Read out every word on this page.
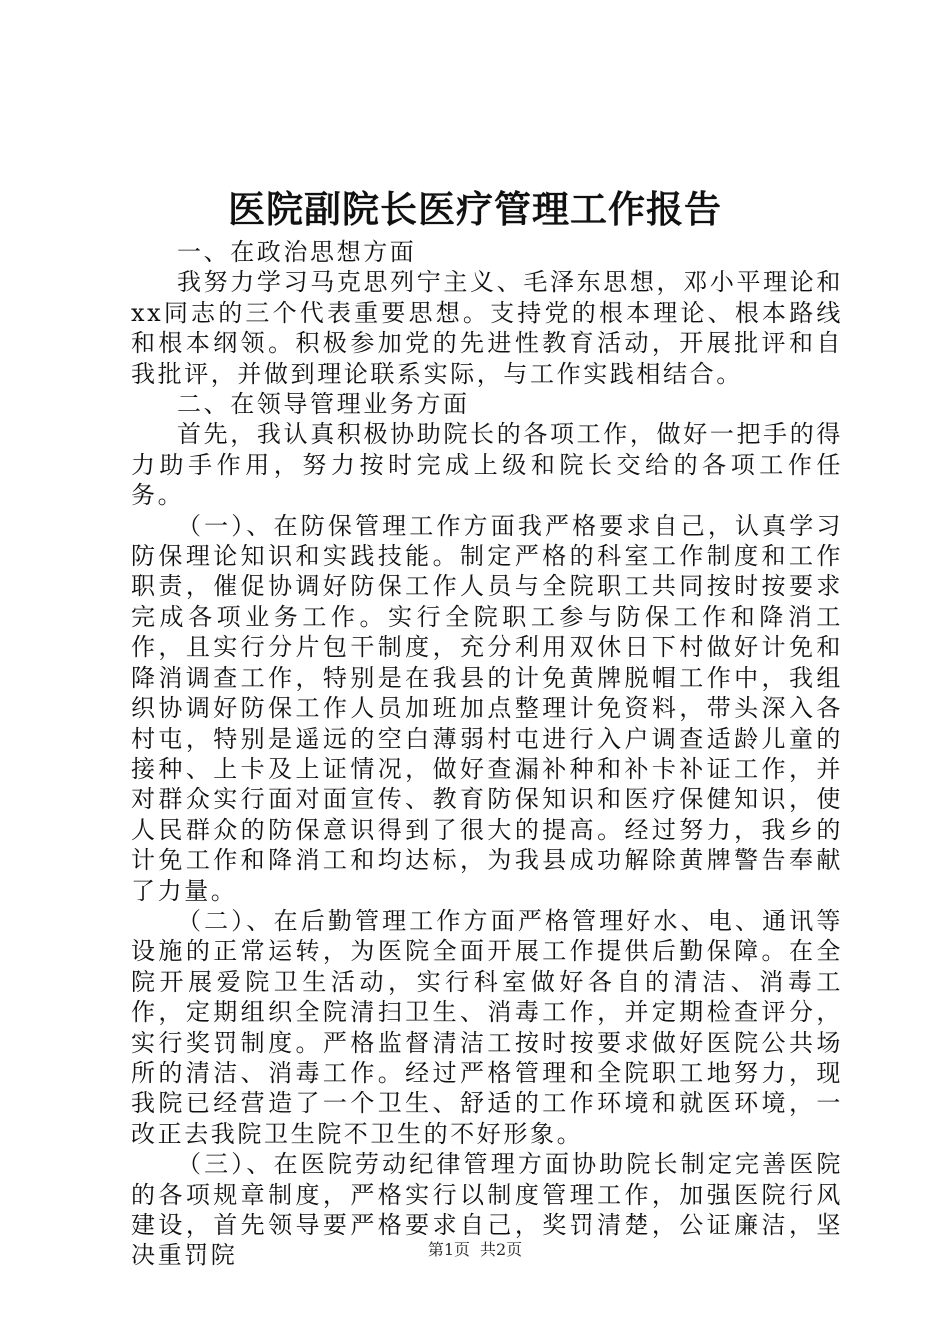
医院副院长医疗管理工作报告

一、在政治思想方面

我努力学习马克思列宁主义、毛泽东思想，邓小平理论和xx同志的三个代表重要思想。支持党的根本理论、根本路线和根本纲领。积极参加党的先进性教育活动，开展批评和自我批评，并做到理论联系实际，与工作实践相结合。

二、在领导管理业务方面

首先，我认真积极协助院长的各项工作，做好一把手的得力助手作用，努力按时完成上级和院长交给的各项工作任务。

（一）、在防保管理工作方面我严格要求自己，认真学习防保理论知识和实践技能。制定严格的科室工作制度和工作职责，催促协调好防保工作人员与全院职工共同按时按要求完成各项业务工作。实行全院职工参与防保工作和降消工作，且实行分片包干制度，充分利用双休日下村做好计免和降消调查工作，特别是在我县的计免黄牌脱帽工作中，我组织协调好防保工作人员加班加点整理计免资料，带头深入各村屯，特别是遥远的空白薄弱村屯进行入户调查适龄儿童的接种、上卡及上证情况，做好查漏补种和补卡补证工作，并对群众实行面对面宣传、教育防保知识和医疗保健知识，使人民群众的防保意识得到了很大的提高。经过努力，我乡的计免工作和降消工和均达标，为我县成功解除黄牌警告奉献了力量。

（二）、在后勤管理工作方面严格管理好水、电、通讯等设施的正常运转，为医院全面开展工作提供后勤保障。在全院开展爱院卫生活动，实行科室做好各自的清洁、消毒工作，定期组织全院清扫卫生、消毒工作，并定期检查评分，实行奖罚制度。严格监督清洁工按时按要求做好医院公共场所的清洁、消毒工作。经过严格管理和全院职工地努力，现我院已经营造了一个卫生、舒适的工作环境和就医环境，一改正去我院卫生院不卫生的不好形象。

（三）、在医院劳动纪律管理方面协助院长制定完善医院的各项规章制度，严格实行以制度管理工作，加强医院行风建设，首先领导要严格要求自己，奖罚清楚，公证廉洁，坚决重罚院	第1页 共2页
